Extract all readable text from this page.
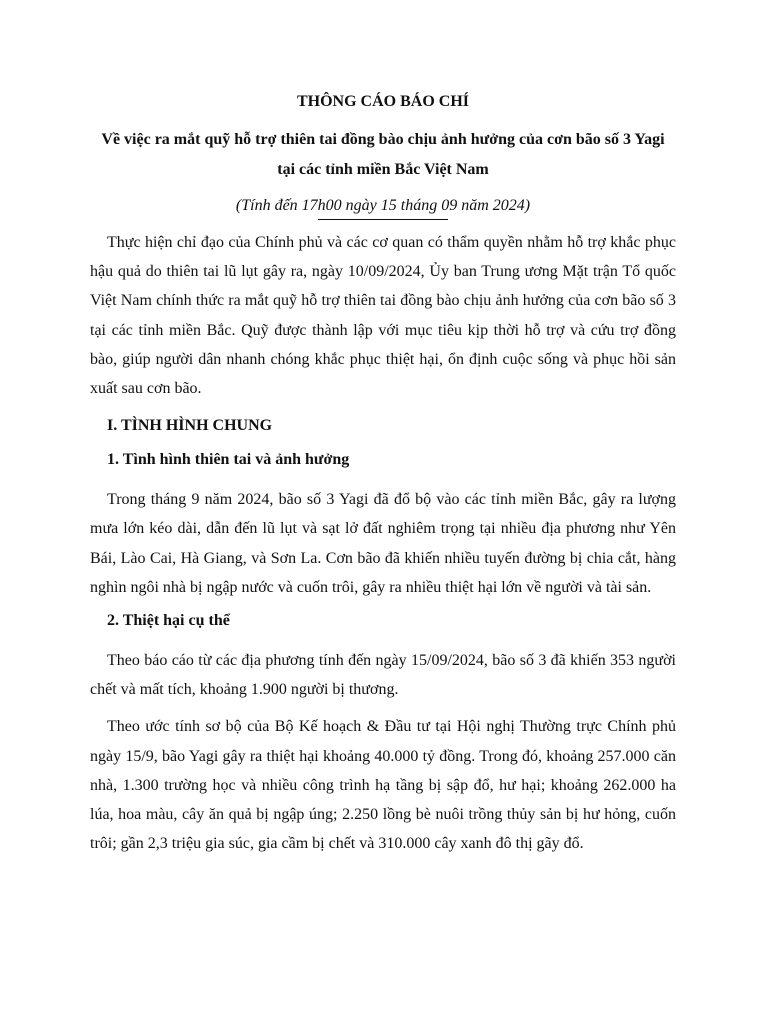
THÔNG CÁO BÁO CHÍ
Về việc ra mắt quỹ hỗ trợ thiên tai đồng bào chịu ảnh hưởng của cơn bão số 3 Yagi
tại các tỉnh miền Bắc Việt Nam
(Tính đến 17h00 ngày 15 tháng 09 năm 2024)

Thực hiện chỉ đạo của Chính phủ và các cơ quan có thẩm quyền nhằm hỗ trợ khắc phục hậu quả do thiên tai lũ lụt gây ra, ngày 10/09/2024, Ủy ban Trung ương Mặt trận Tổ quốc Việt Nam chính thức ra mắt quỹ hỗ trợ thiên tai đồng bào chịu ảnh hưởng của cơn bão số 3 tại các tỉnh miền Bắc. Quỹ được thành lập với mục tiêu kịp thời hỗ trợ và cứu trợ đồng bào, giúp người dân nhanh chóng khắc phục thiệt hại, ổn định cuộc sống và phục hồi sản xuất sau cơn bão.

I. TÌNH HÌNH CHUNG
1. Tình hình thiên tai và ảnh hưởng

Trong tháng 9 năm 2024, bão số 3 Yagi đã đổ bộ vào các tỉnh miền Bắc, gây ra lượng mưa lớn kéo dài, dẫn đến lũ lụt và sạt lở đất nghiêm trọng tại nhiều địa phương như Yên Bái, Lào Cai, Hà Giang, và Sơn La. Cơn bão đã khiến nhiều tuyến đường bị chia cắt, hàng nghìn ngôi nhà bị ngập nước và cuốn trôi, gây ra nhiều thiệt hại lớn về người và tài sản.

2. Thiệt hại cụ thể

Theo báo cáo từ các địa phương tính đến ngày 15/09/2024, bão số 3 đã khiến 353 người chết và mất tích, khoảng 1.900 người bị thương.

Theo ước tính sơ bộ của Bộ Kế hoạch & Đầu tư tại Hội nghị Thường trực Chính phủ ngày 15/9, bão Yagi gây ra thiệt hại khoảng 40.000 tỷ đồng. Trong đó, khoảng 257.000 căn nhà, 1.300 trường học và nhiều công trình hạ tầng bị sập đổ, hư hại; khoảng 262.000 ha lúa, hoa màu, cây ăn quả bị ngập úng; 2.250 lồng bè nuôi trồng thủy sản bị hư hỏng, cuốn trôi; gần 2,3 triệu gia súc, gia cầm bị chết và 310.000 cây xanh đô thị gãy đổ.
